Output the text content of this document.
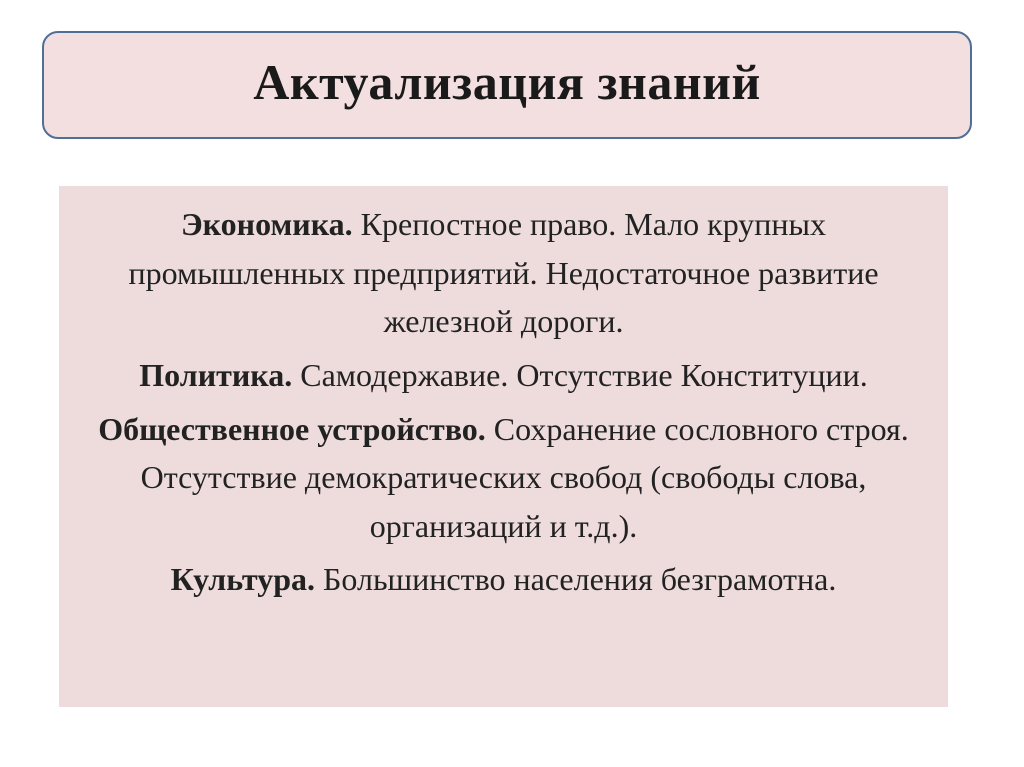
Актуализация знаний

Экономика. Крепостное право. Мало крупных промышленных предприятий. Недостаточное развитие железной дороги.

Политика. Самодержавие. Отсутствие Конституции.

Общественное устройство. Сохранение сословного строя. Отсутствие демократических свобод (свободы слова, организаций и т.д.).

Культура. Большинство населения безграмотна.
